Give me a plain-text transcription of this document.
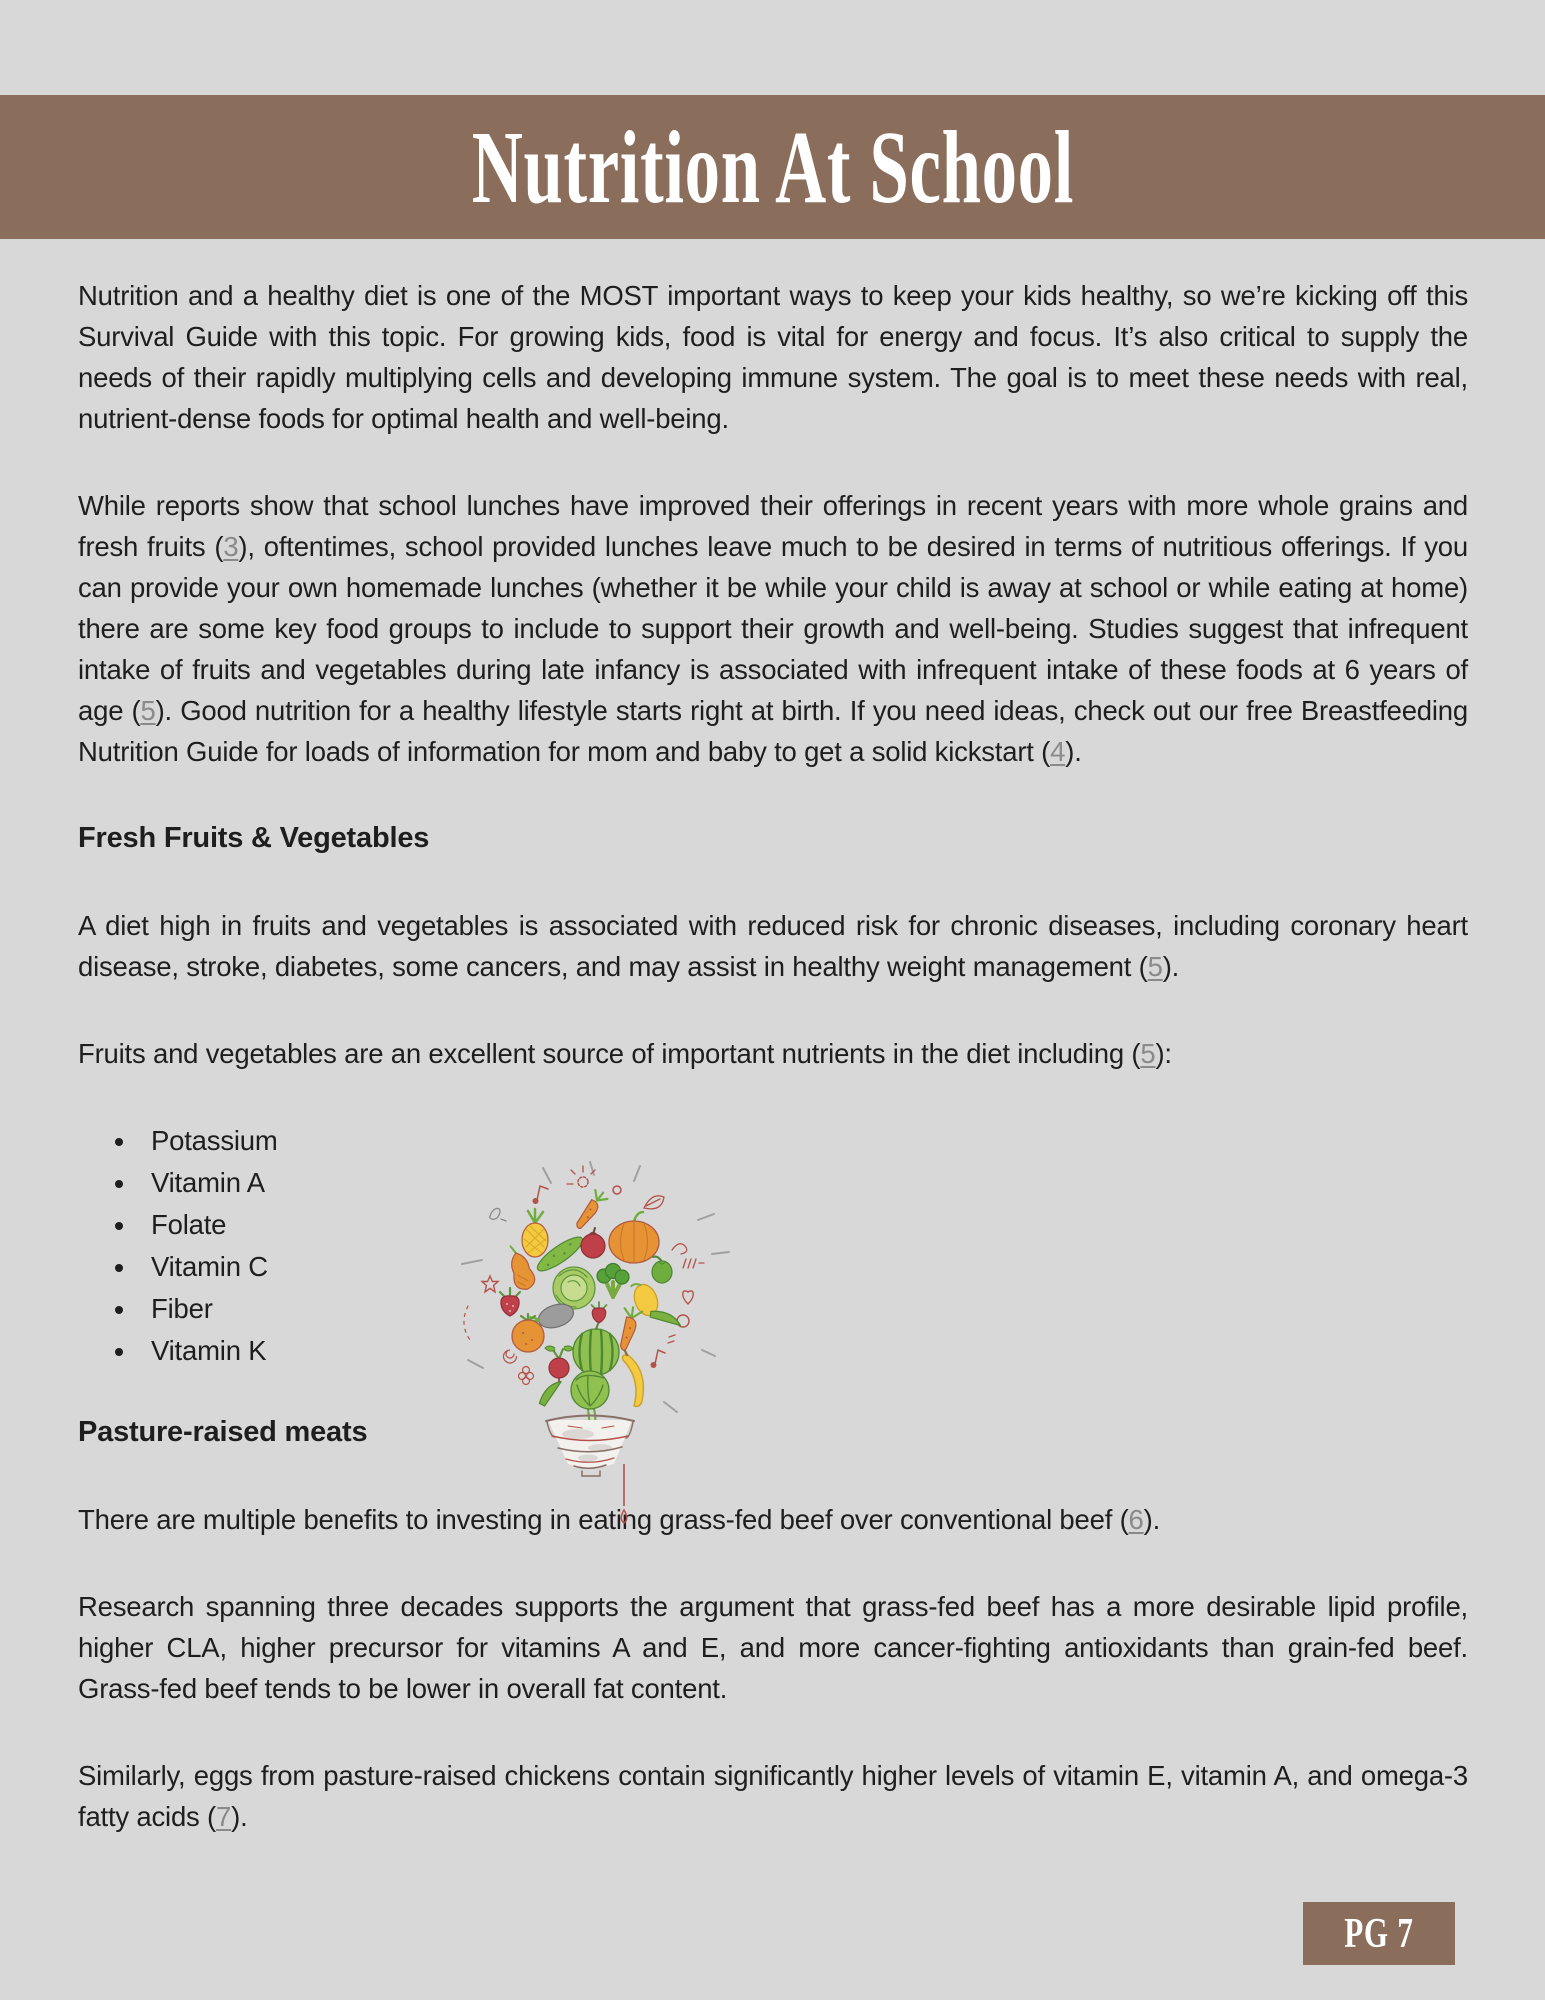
Nutrition At School

Nutrition and a healthy diet is one of the MOST important ways to keep your kids healthy, so we’re kicking off this Survival Guide with this topic. For growing kids, food is vital for energy and focus. It’s also critical to supply the needs of their rapidly multiplying cells and developing immune system. The goal is to meet these needs with real, nutrient-dense foods for optimal health and well-being.

While reports show that school lunches have improved their offerings in recent years with more whole grains and fresh fruits (3), oftentimes, school provided lunches leave much to be desired in terms of nutritious offerings. If you can provide your own homemade lunches (whether it be while your child is away at school or while eating at home) there are some key food groups to include to support their growth and well-being. Studies suggest that infrequent intake of fruits and vegetables during late infancy is associated with infrequent intake of these foods at 6 years of age (5). Good nutrition for a healthy lifestyle starts right at birth. If you need ideas, check out our free Breastfeeding Nutrition Guide for loads of information for mom and baby to get a solid kickstart (4).

Fresh Fruits & Vegetables

A diet high in fruits and vegetables is associated with reduced risk for chronic diseases, including coronary heart disease, stroke, diabetes, some cancers, and may assist in healthy weight management (5).

Fruits and vegetables are an excellent source of important nutrients in the diet including (5):

• Potassium
• Vitamin A
• Folate
• Vitamin C
• Fiber
• Vitamin K
Pasture-raised meats

There are multiple benefits to investing in eating grass-fed beef over conventional beef (6).

Research spanning three decades supports the argument that grass-fed beef has a more desirable lipid profile, higher CLA, higher precursor for vitamins A and E, and more cancer-fighting antioxidants than grain-fed beef. Grass-fed beef tends to be lower in overall fat content.

Similarly, eggs from pasture-raised chickens contain significantly higher levels of vitamin E, vitamin A, and omega-3 fatty acids (7).

PG 7
